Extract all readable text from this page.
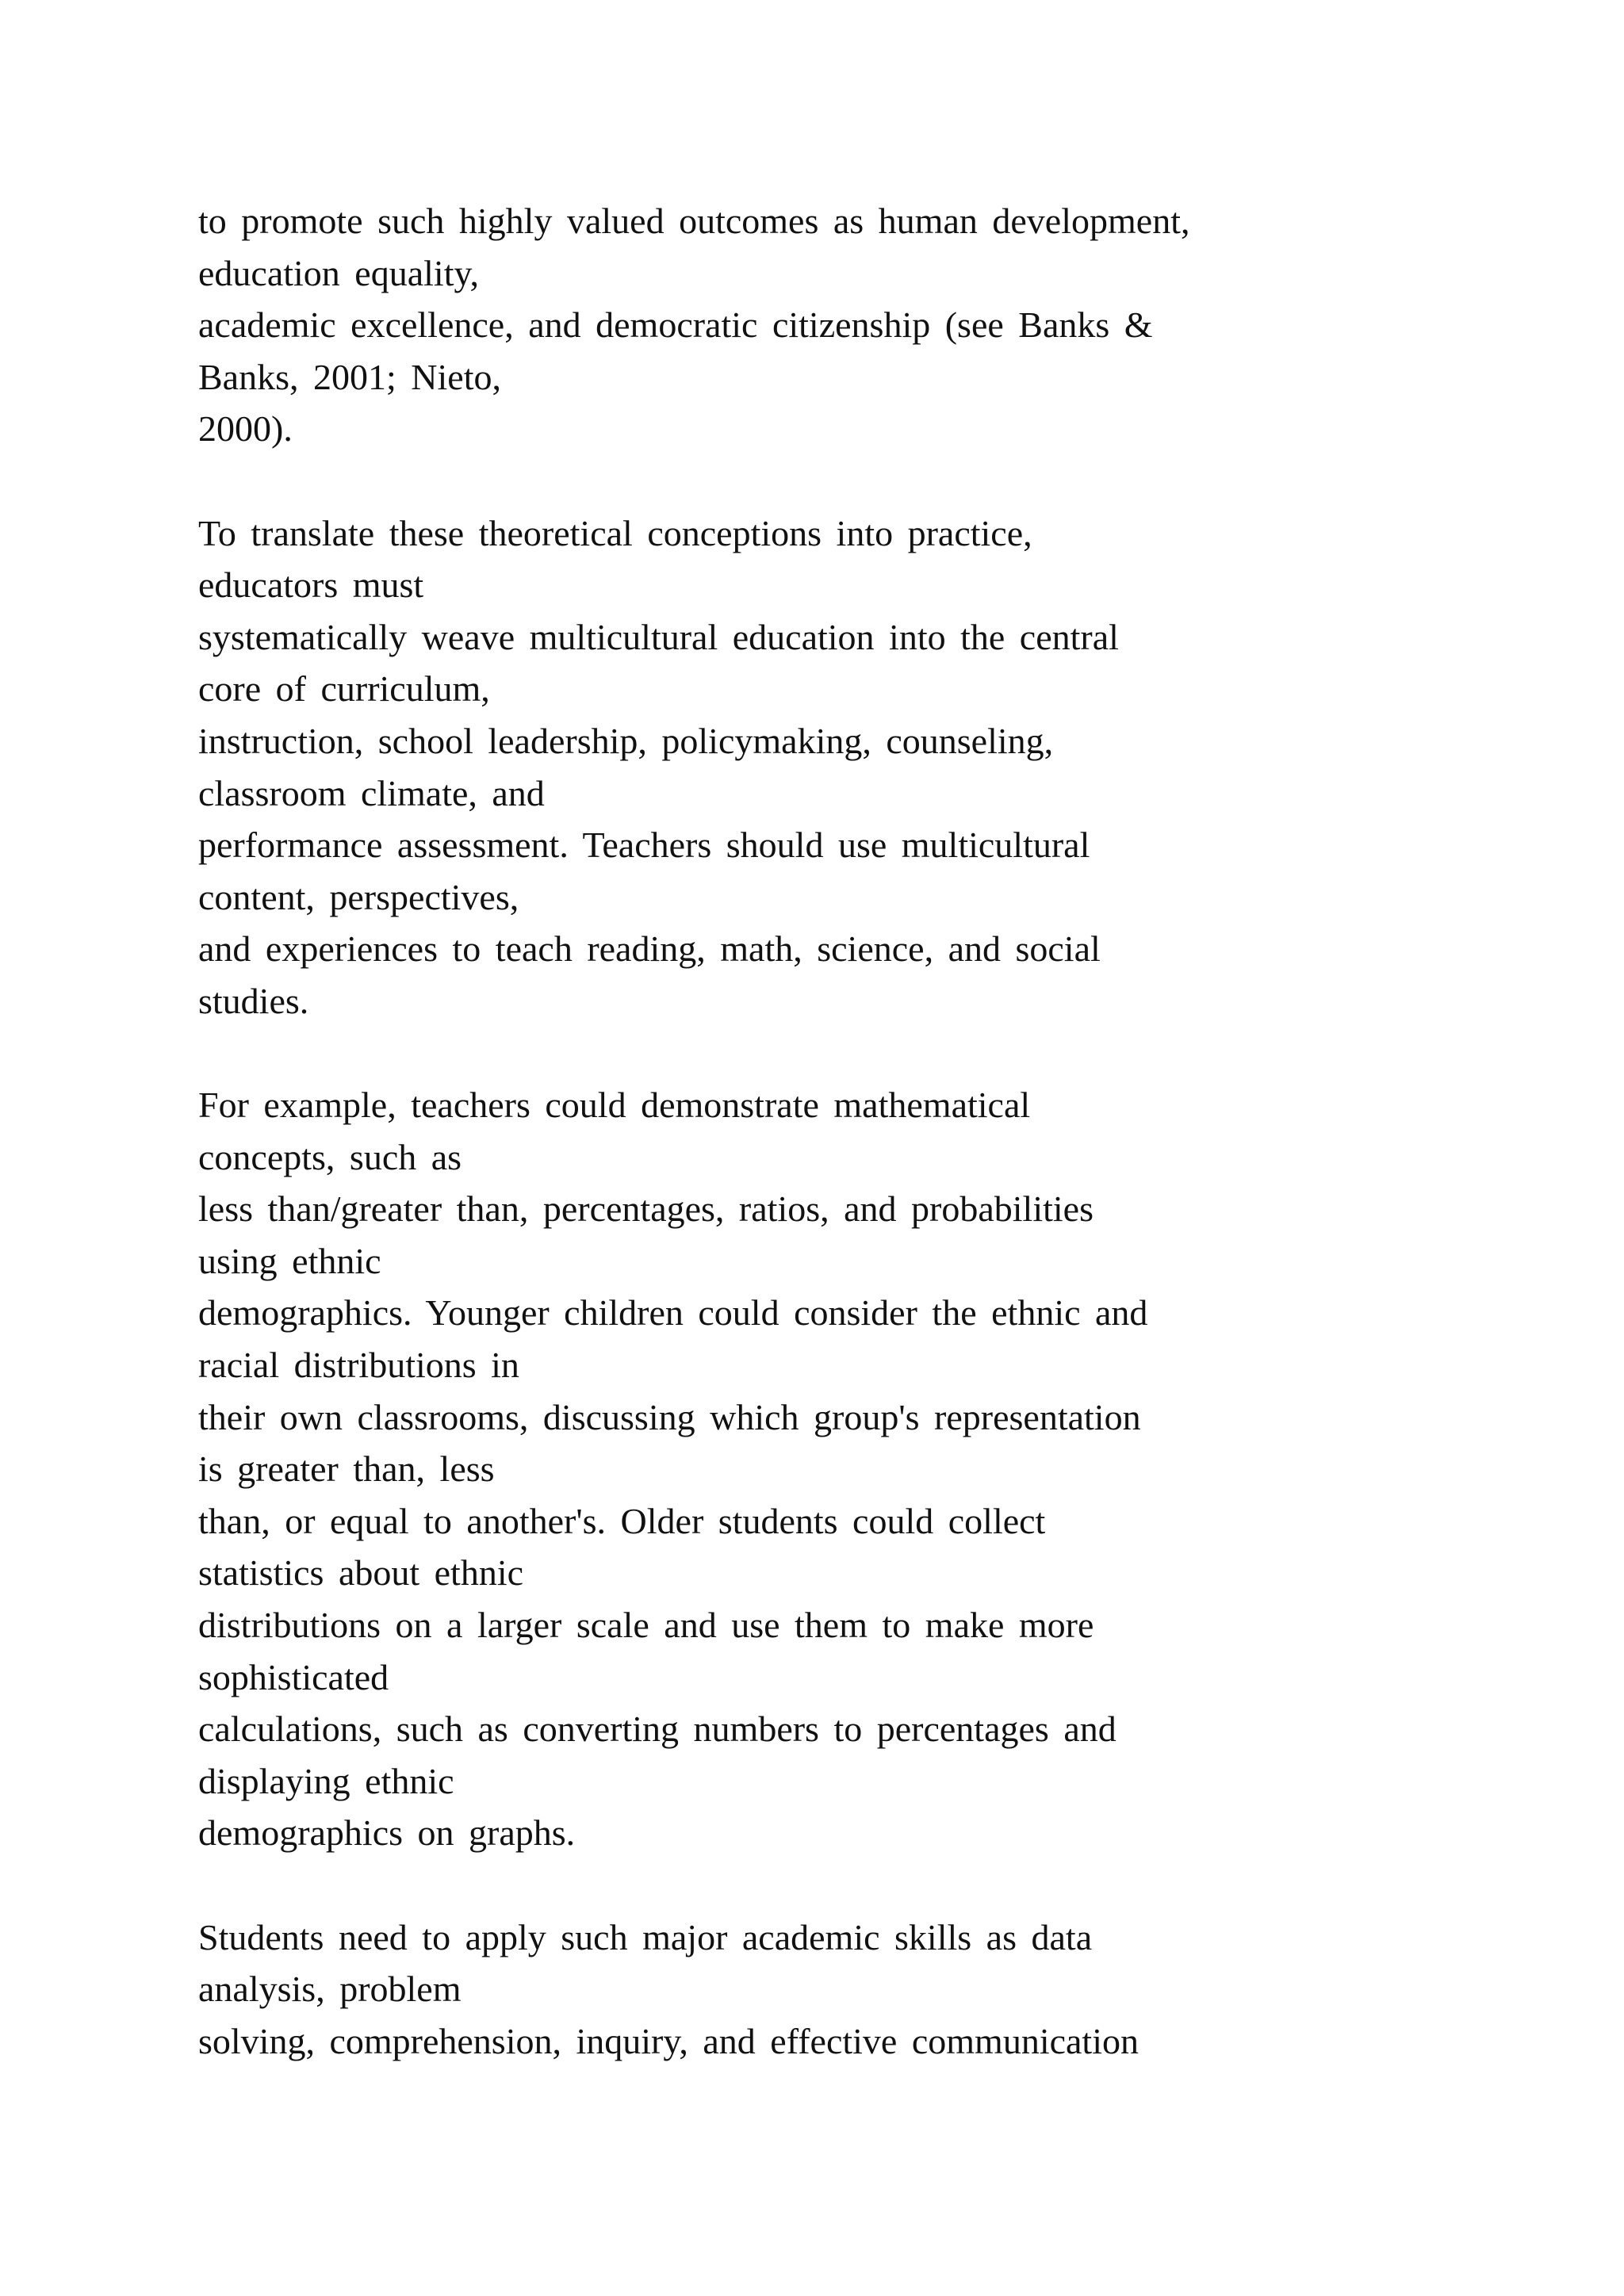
to promote such highly valued outcomes as human development,
education equality,
academic excellence, and democratic citizenship (see Banks &
Banks, 2001; Nieto,
2000).

To translate these theoretical conceptions into practice,
educators must
systematically weave multicultural education into the central
core of curriculum,
instruction, school leadership, policymaking, counseling,
classroom climate, and
performance assessment. Teachers should use multicultural
content, perspectives,
and experiences to teach reading, math, science, and social
studies.

For example, teachers could demonstrate mathematical
concepts, such as
less than/greater than, percentages, ratios, and probabilities
using ethnic
demographics. Younger children could consider the ethnic and
racial distributions in
their own classrooms, discussing which group's representation
is greater than, less
than, or equal to another's. Older students could collect
statistics about ethnic
distributions on a larger scale and use them to make more
sophisticated
calculations, such as converting numbers to percentages and
displaying ethnic
demographics on graphs.

Students need to apply such major academic skills as data
analysis, problem
solving, comprehension, inquiry, and effective communication
